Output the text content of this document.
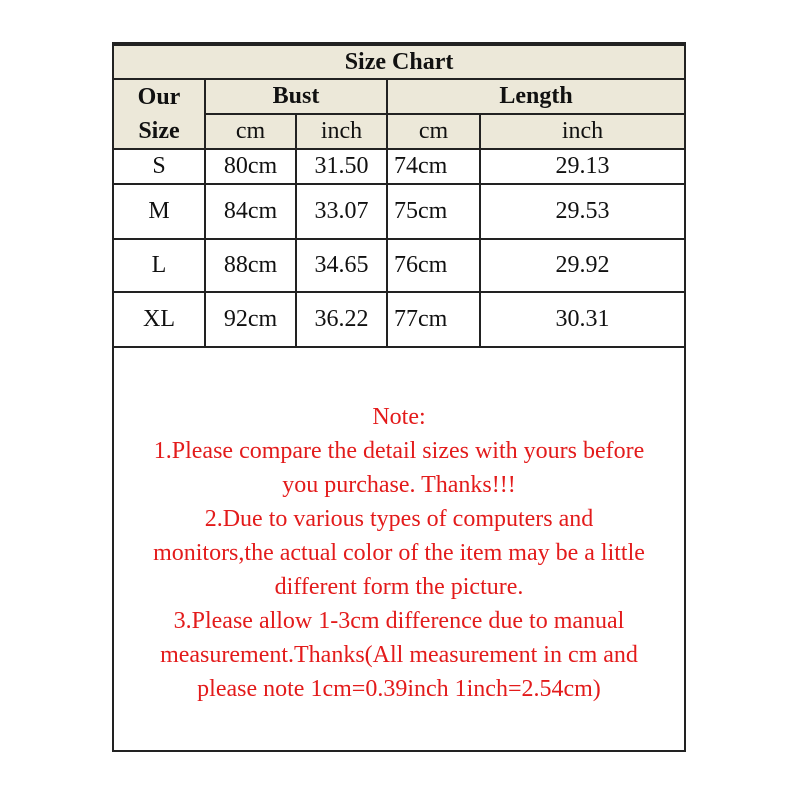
Size Chart				

Our
Size	Bust		Length	
	cm	inch	cm	inch
S	80cm	31.50	74cm	29.13
M	84cm	33.07	75cm	29.53
L	88cm	34.65	76cm	29.92
XL	92cm	36.22	77cm	30.31
Note:
1.Please compare the detail sizes with yours before
you purchase. Thanks!!!
2.Due to various types of computers and
monitors,the actual color of the item may be a little
different form the picture.
3.Please allow 1-3cm difference due to manual
measurement.Thanks(All measurement in cm and
please note 1cm=0.39inch 1inch=2.54cm)
